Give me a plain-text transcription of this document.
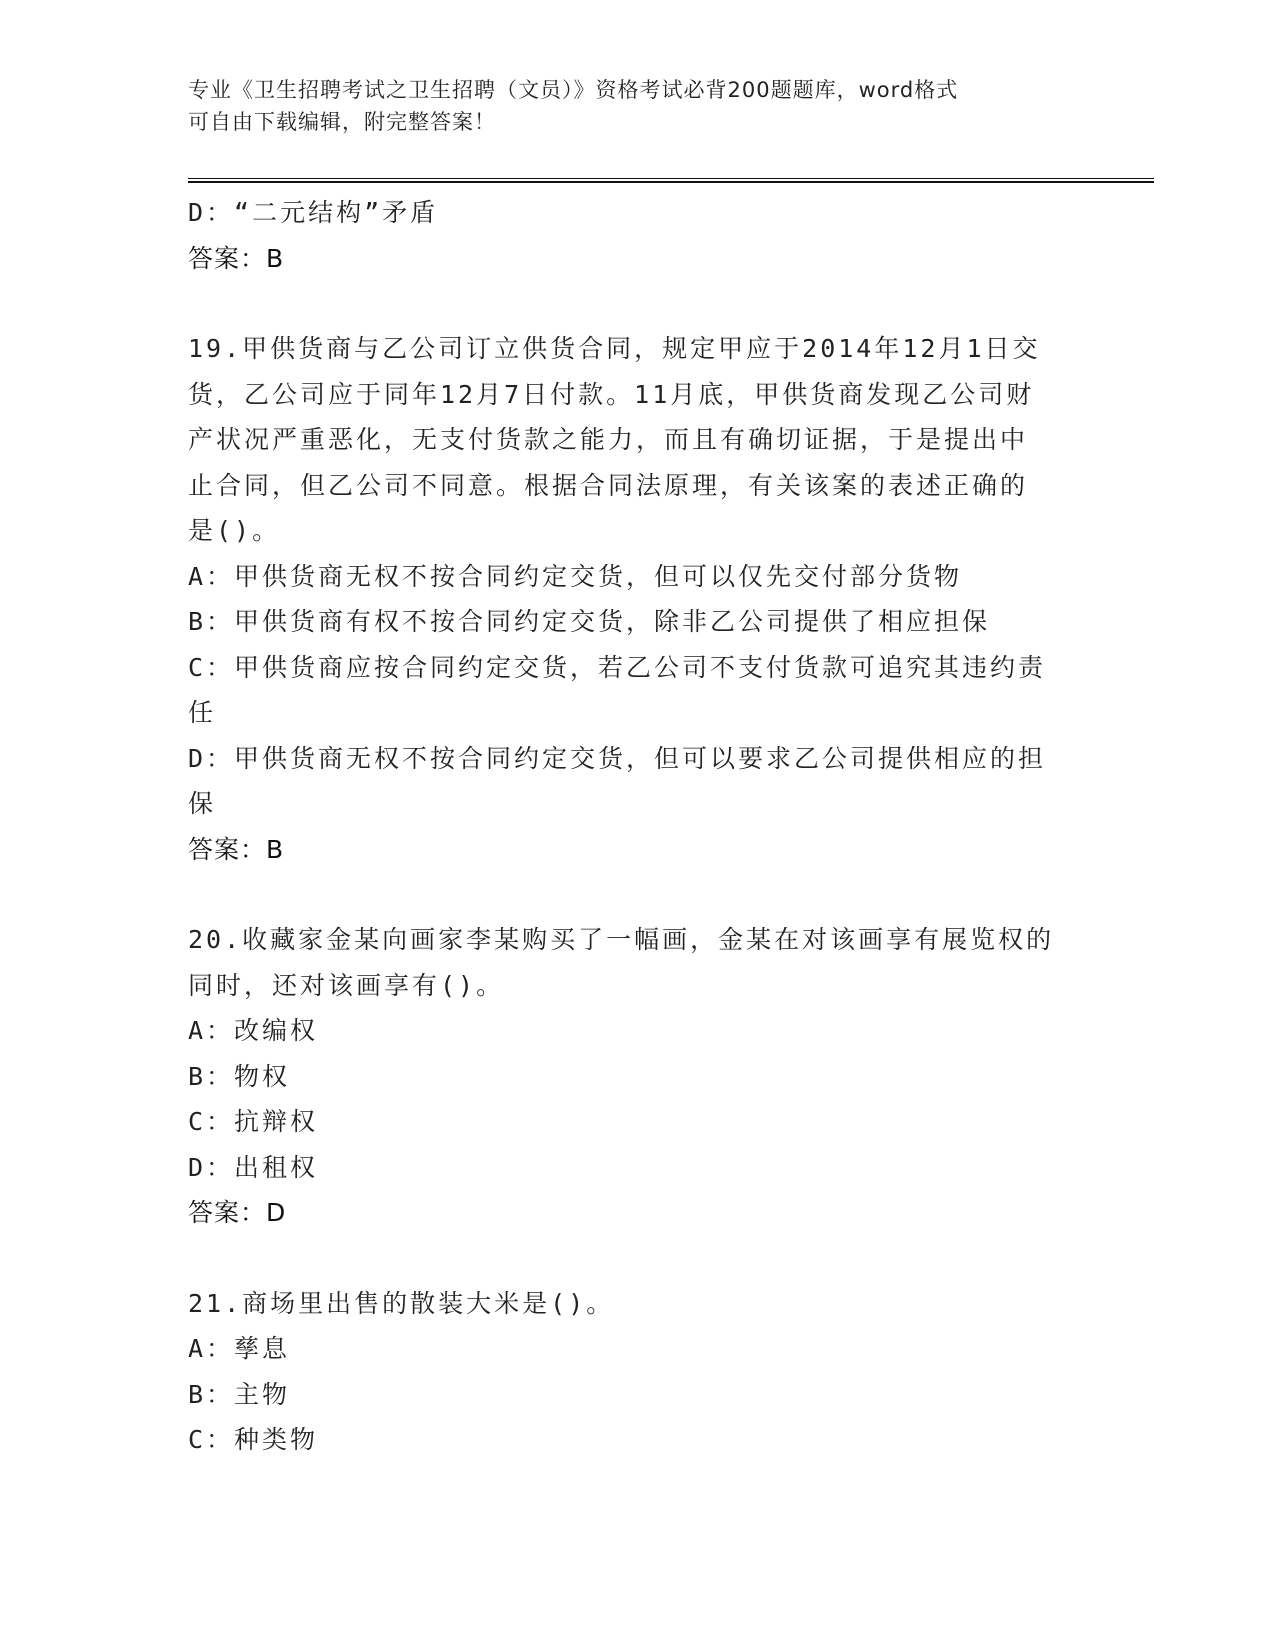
专业《卫生招聘考试之卫生招聘（文员）》资格考试必背200题题库，word格式
可自由下载编辑，附完整答案！
D：“二元结构”矛盾
答案：B
19.甲供货商与乙公司订立供货合同，规定甲应于2014年12月1日交
货，乙公司应于同年12月7日付款。11月底，甲供货商发现乙公司财
产状况严重恶化，无支付货款之能力，而且有确切证据，于是提出中
止合同，但乙公司不同意。根据合同法原理，有关该案的表述正确的
是()。
A：甲供货商无权不按合同约定交货，但可以仅先交付部分货物
B：甲供货商有权不按合同约定交货，除非乙公司提供了相应担保
C：甲供货商应按合同约定交货，若乙公司不支付货款可追究其违约责
任
D：甲供货商无权不按合同约定交货，但可以要求乙公司提供相应的担
保
答案：B
20.收藏家金某向画家李某购买了一幅画，金某在对该画享有展览权的
同时，还对该画享有()。
A：改编权
B：物权
C：抗辩权
D：出租权
答案：D
21.商场里出售的散装大米是()。
A：孳息
B：主物
C：种类物
